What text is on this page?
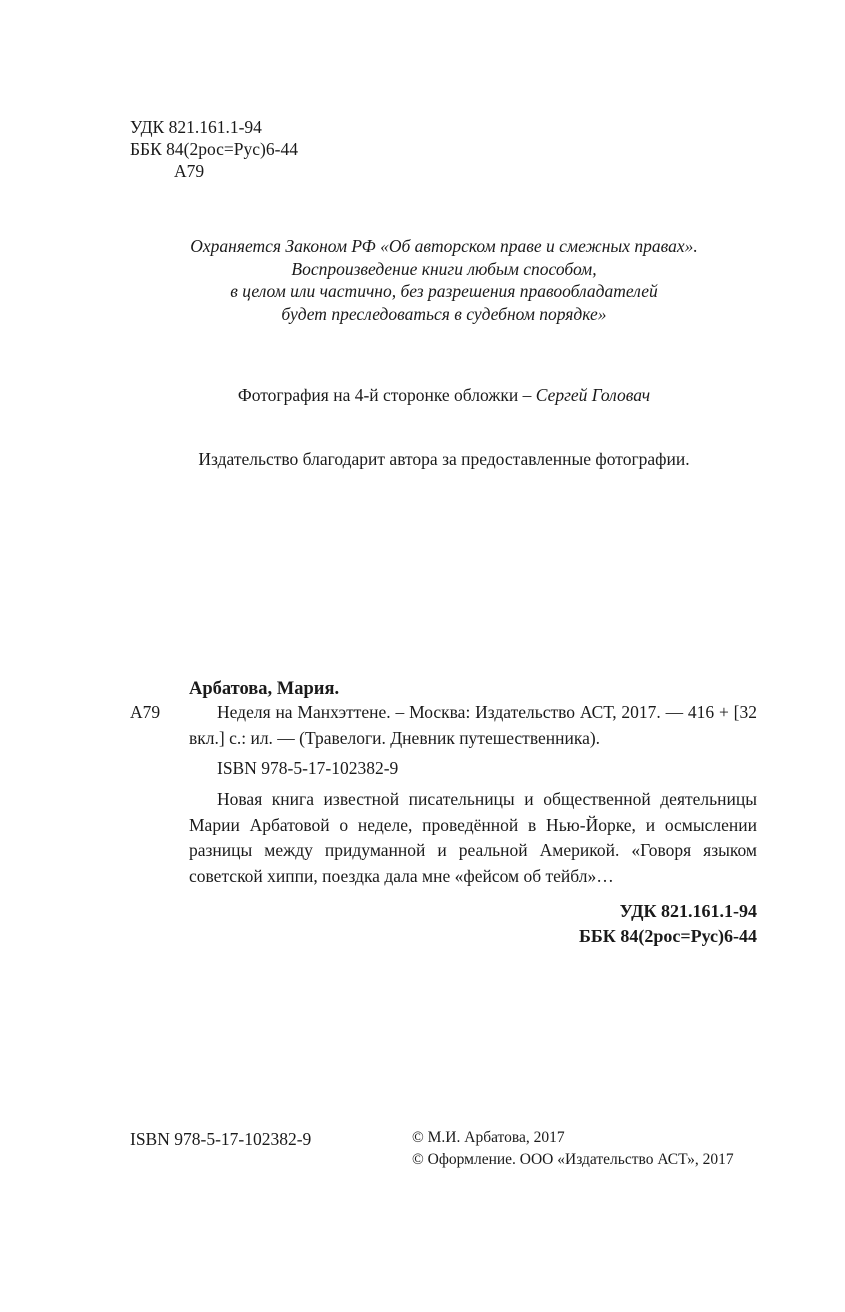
УДК 821.161.1-94
ББК 84(2рос=Рус)6-44
А79
Охраняется Законом РФ «Об авторском праве и смежных правах».
Воспроизведение книги любым способом,
в целом или частично, без разрешения правообладателей
будет преследоваться в судебном порядке»
Фотография на 4-й сторонке обложки – Сергей Головач
Издательство благодарит автора за предоставленные фотографии.
Арбатова, Мария.
А79	Неделя на Манхэттене. – Москва: Издательство АСТ, 2017. — 416 + [32 вкл.] с.: ил. — (Травелоги. Дневник путешественника).

ISBN 978-5-17-102382-9
Новая книга известной писательницы и общественной деятельницы Марии Арбатовой о неделе, проведённой в Нью-Йорке, и осмыслении разницы между придуманной и реальной Америкой. «Говоря языком советской хиппи, поездка дала мне «фейсом об тейбл»…
УДК 821.161.1-94
ББК 84(2рос=Рус)6-44
ISBN 978-5-17-102382-9	© М.И. Арбатова, 2017
© Оформление. ООО «Издательство АСТ», 2017
